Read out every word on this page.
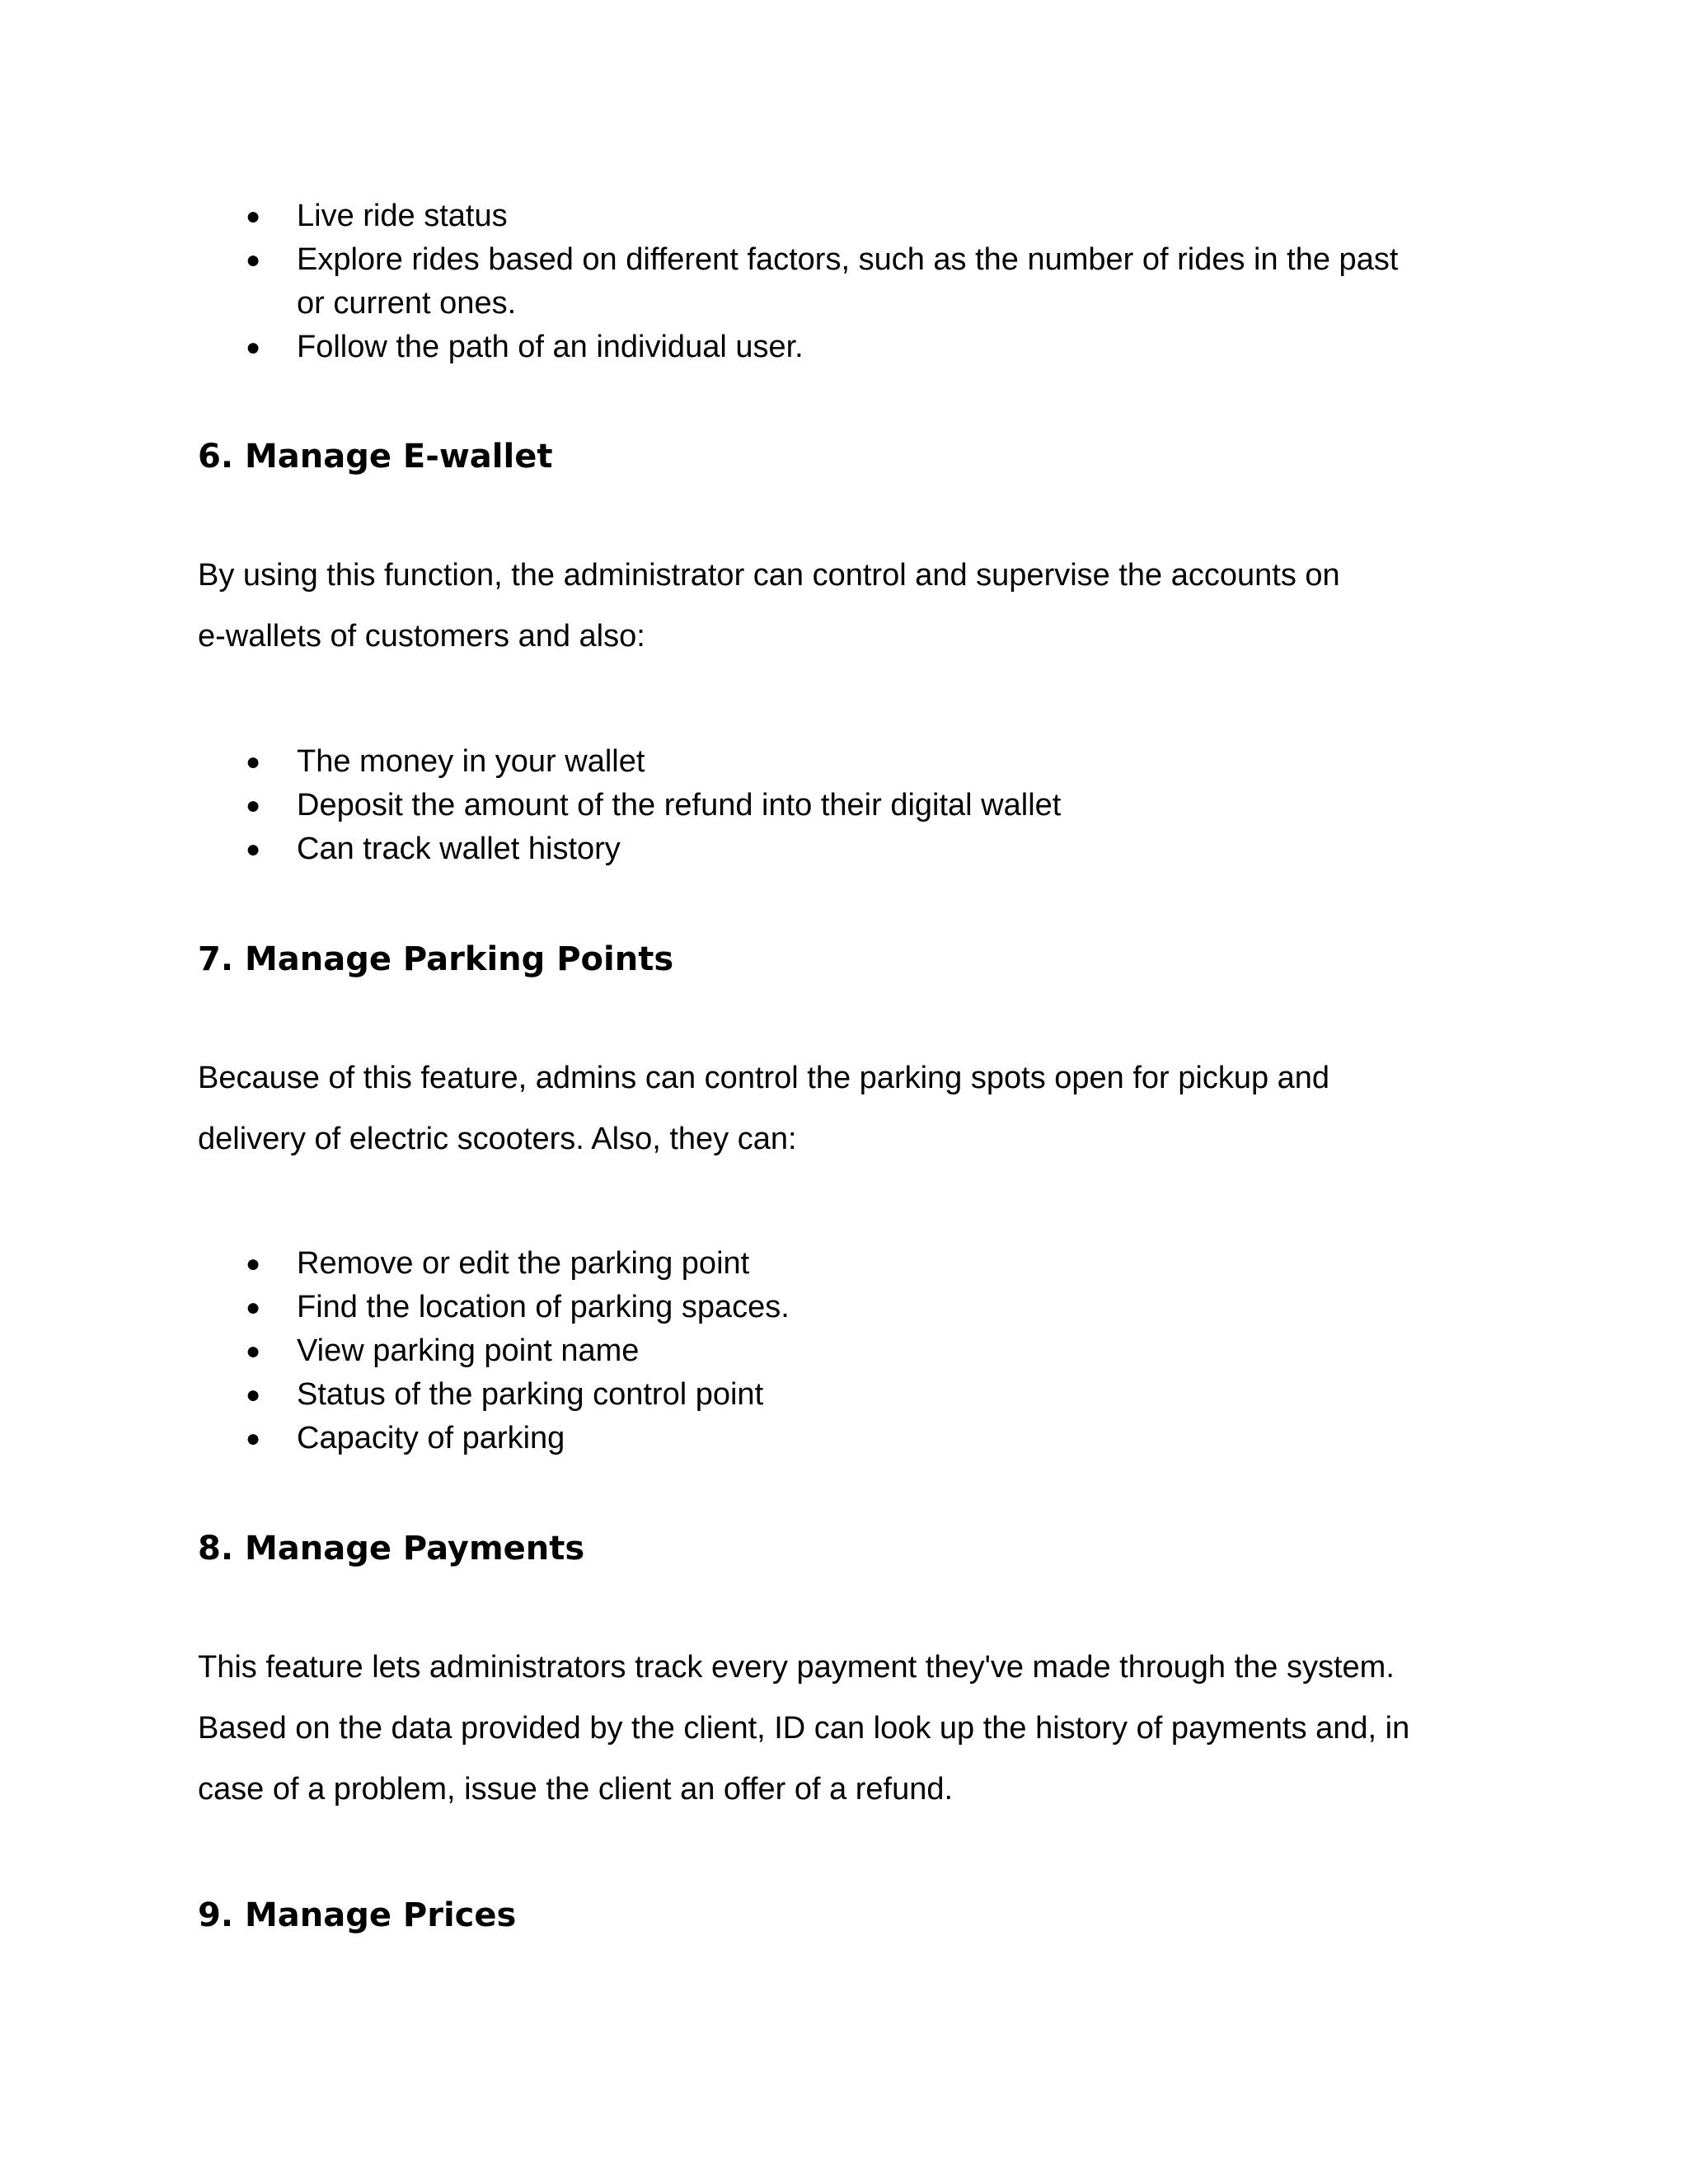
● Live ride status
● Explore rides based on different factors, such as the number of rides in the past
or current ones.
● Follow the path of an individual user.
6. Manage E-wallet

By using this function, the administrator can control and supervise the accounts on
e-wallets of customers and also:

● The money in your wallet
● Deposit the amount of the refund into their digital wallet
● Can track wallet history
7. Manage Parking Points

Because of this feature, admins can control the parking spots open for pickup and
delivery of electric scooters. Also, they can:

● Remove or edit the parking point
● Find the location of parking spaces.
● View parking point name
● Status of the parking control point
● Capacity of parking
8. Manage Payments

This feature lets administrators track every payment they've made through the system.
Based on the data provided by the client, ID can look up the history of payments and, in
case of a problem, issue the client an offer of a refund.

9. Manage Prices
